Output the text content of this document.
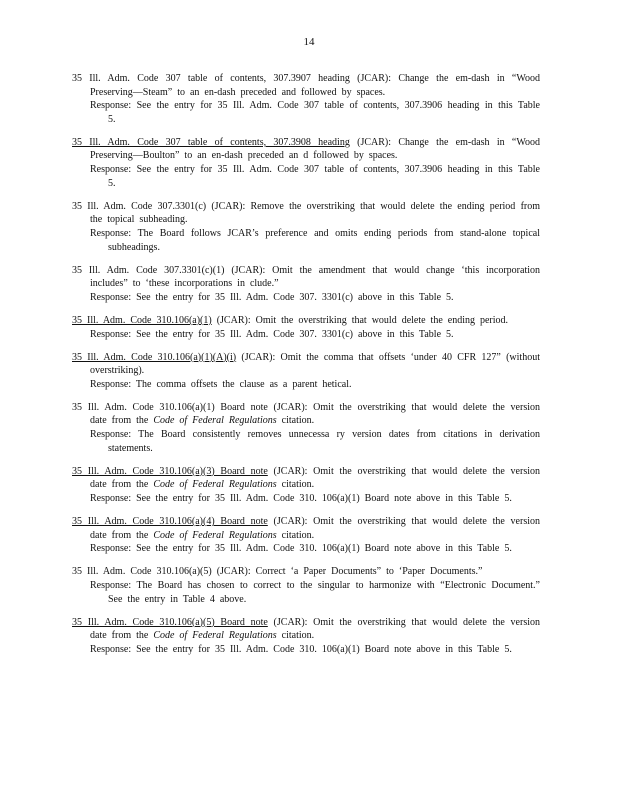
14

35 Ill. Adm. Code 307 table of contents, 307.3907 heading (JCAR): Change the em-dash in “Wood Preserving—Steam” to an en-dash preceded and followed by spaces.

Response: See the entry for 35 Ill. Adm. Code 307 table of contents, 307.3906 heading in this Table 5.

35 Ill. Adm. Code 307 table of contents, 307.3908 heading (JCAR): Change the em-dash in “Wood Preserving—Boulton” to an en-dash preceded an d followed by spaces.

Response: See the entry for 35 Ill. Adm. Code 307 table of contents, 307.3906 heading in this Table 5.

35 Ill. Adm. Code 307.3301(c) (JCAR): Remove the overstriking that would delete the ending period from the topical subheading.

Response: The Board follows JCAR’s preference and omits ending periods from stand-alone topical subheadings.

35 Ill. Adm. Code 307.3301(c)(1) (JCAR): Omit the amendment that would change ‘this incorporation includes” to ‘these incorporations in clude.”

Response: See the entry for 35 Ill. Adm. Code 307. 3301(c) above in this Table 5.

35 Ill. Adm. Code 310.106(a)(1) (JCAR): Omit the overstriking that would delete the ending period.

Response: See the entry for 35 Ill. Adm. Code 307. 3301(c) above in this Table 5.

35 Ill. Adm. Code 310.106(a)(1)(A)(i) (JCAR): Omit the comma that offsets ‘under 40 CFR 127” (without overstriking).

Response: The comma offsets the clause as a parent hetical.

35 Ill. Adm. Code 310.106(a)(1) Board note (JCAR): Omit the overstriking that would delete the version date from the Code of Federal Regulations citation.

Response: The Board consistently removes unnecessa ry version dates from citations in derivation statements.

35 Ill. Adm. Code 310.106(a)(3) Board note (JCAR): Omit the overstriking that would delete the version date from the Code of Federal Regulations citation.

Response: See the entry for 35 Ill. Adm. Code 310. 106(a)(1) Board note above in this Table 5.

35 Ill. Adm. Code 310.106(a)(4) Board note (JCAR): Omit the overstriking that would delete the version date from the Code of Federal Regulations citation.

Response: See the entry for 35 Ill. Adm. Code 310. 106(a)(1) Board note above in this Table 5.

35 Ill. Adm. Code 310.106(a)(5) (JCAR): Correct ‘a Paper Documents” to ‘Paper Documents.”

Response: The Board has chosen to correct to the singular to harmonize with “Electronic Document.” See the entry in Table 4 above.

35 Ill. Adm. Code 310.106(a)(5) Board note (JCAR): Omit the overstriking that would delete the version date from the Code of Federal Regulations citation.

Response: See the entry for 35 Ill. Adm. Code 310. 106(a)(1) Board note above in this Table 5.
